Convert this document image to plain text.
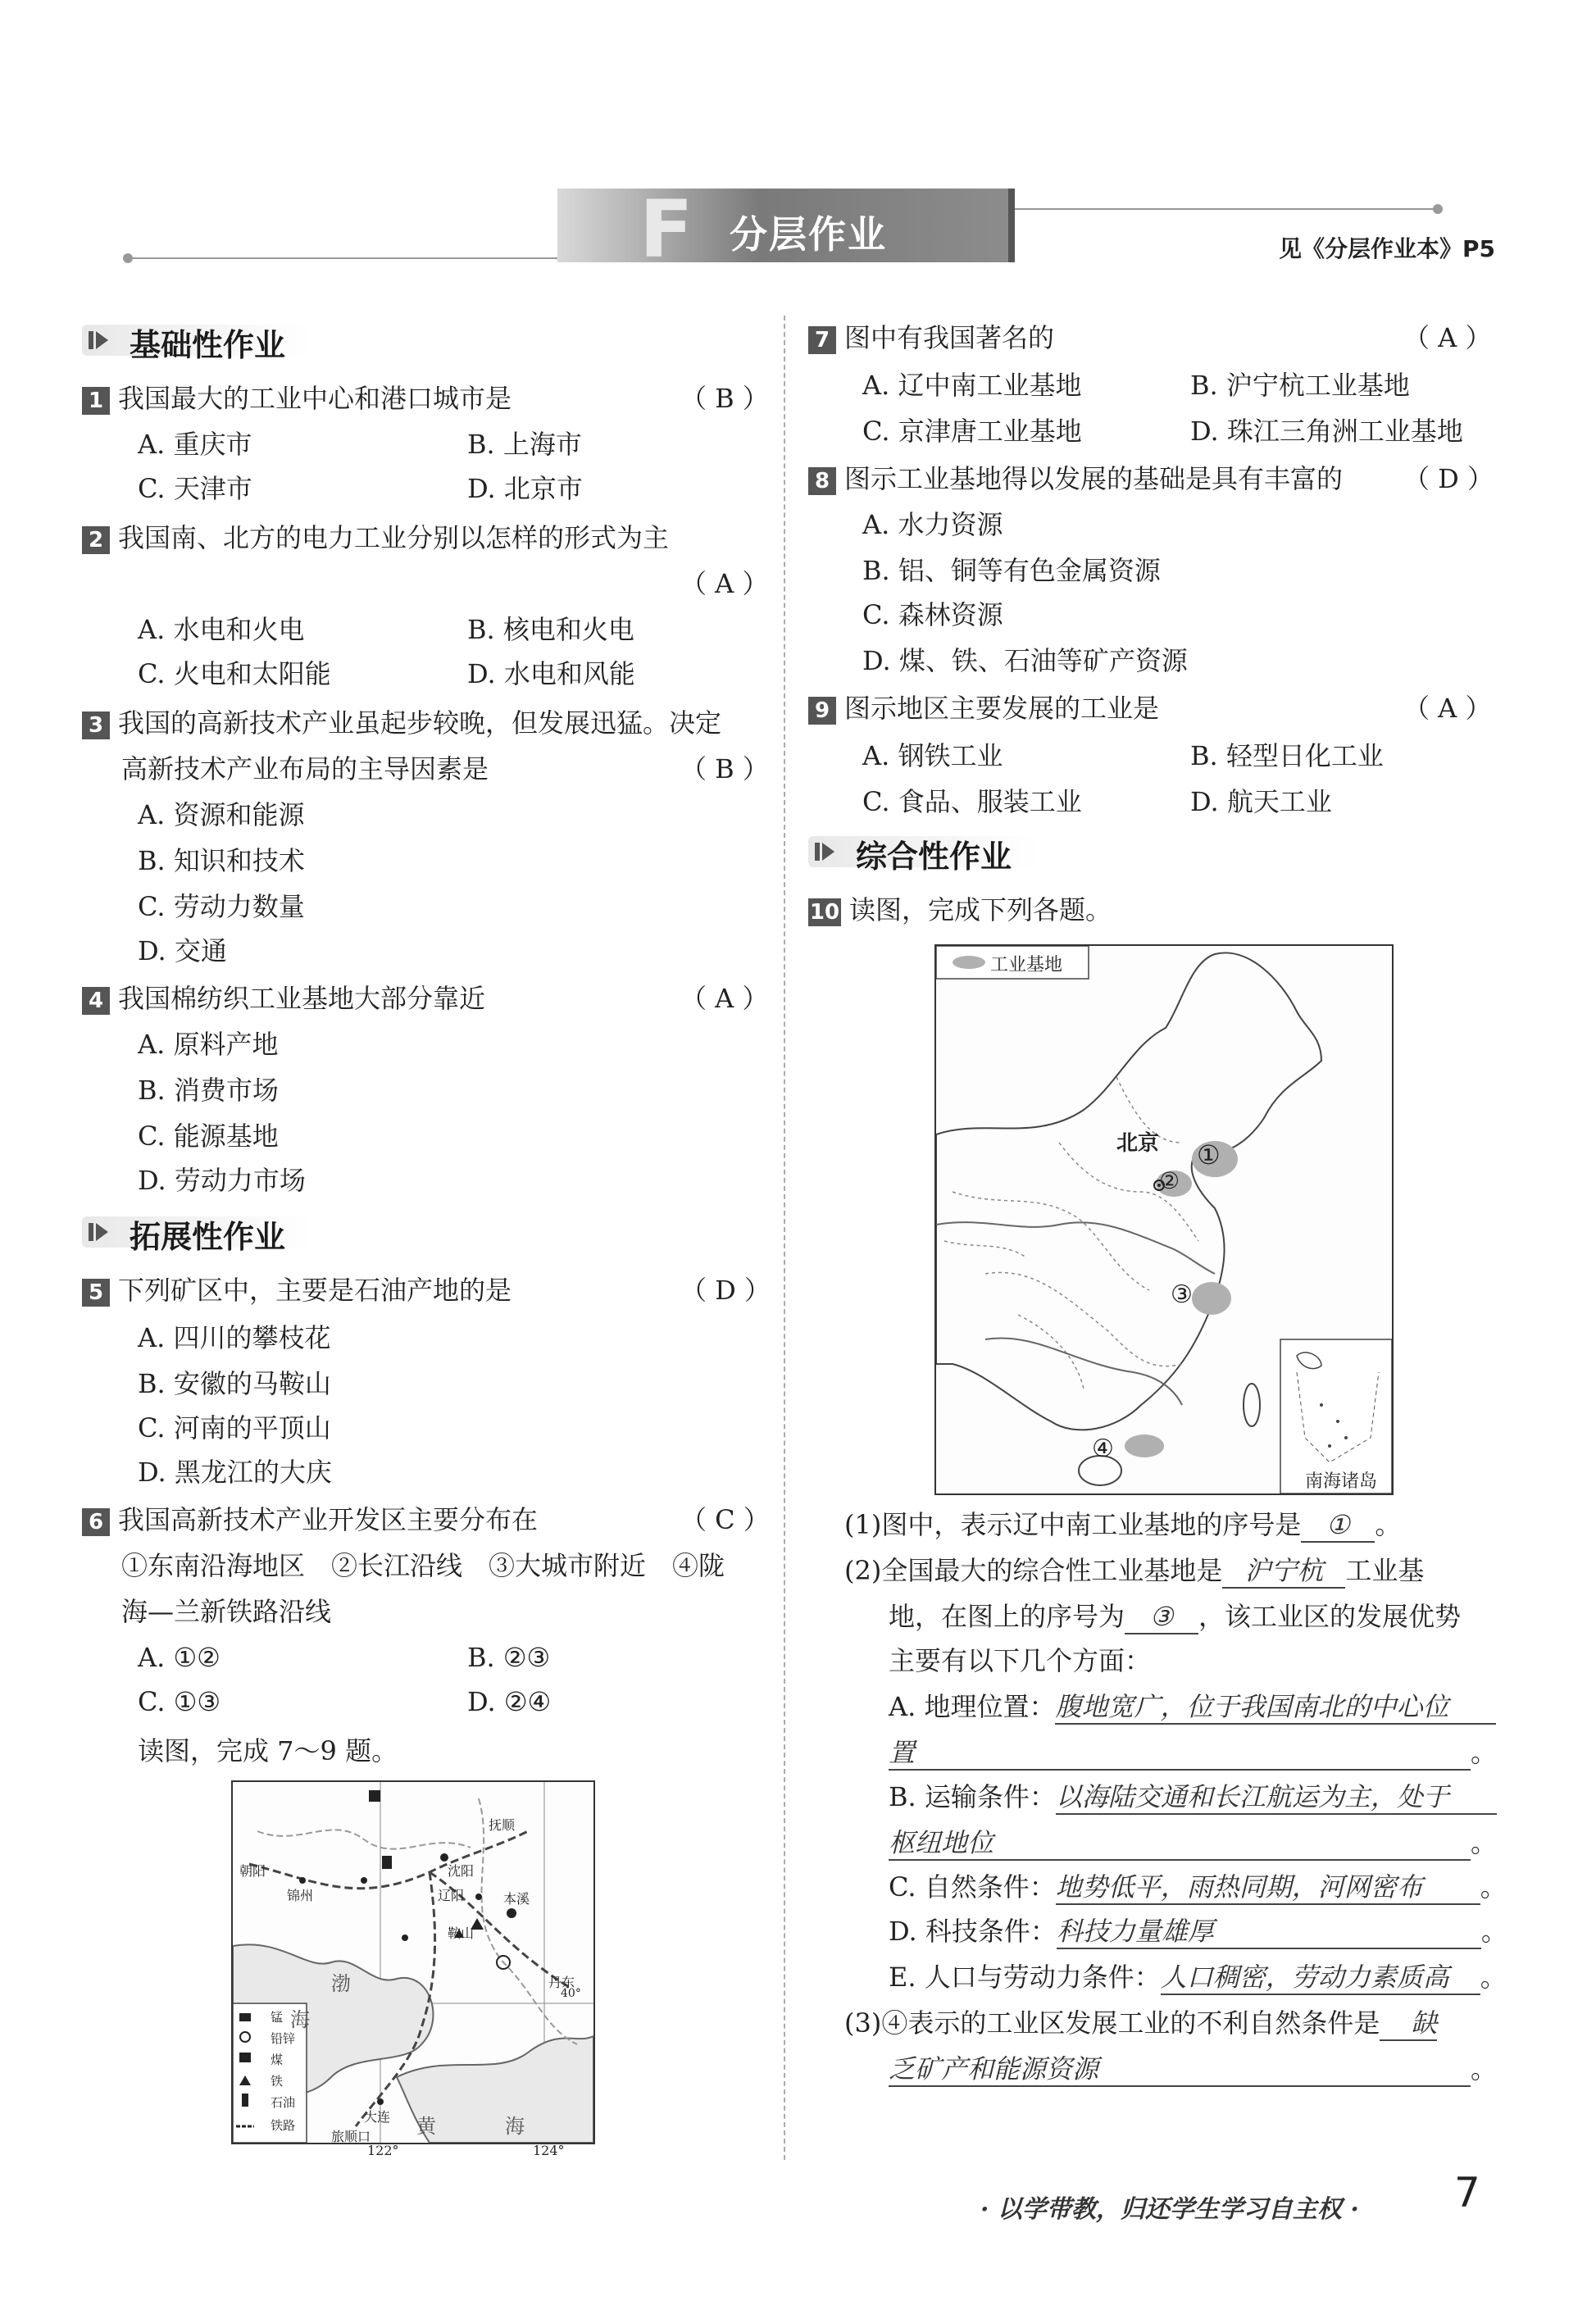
F 分层作业	见《分层作业本》P5
基础性作业
1 我国最大的工业中心和港口城市是	（ B ）
A. 重庆市	B. 上海市
C. 天津市	D. 北京市
2 我国南、北方的电力工业分别以怎样的形式为主
（ A ）
A. 水电和火电	B. 核电和火电
C. 火电和太阳能	D. 水电和风能
3 我国的高新技术产业虽起步较晚，但发展迅猛。决定
高新技术产业布局的主导因素是	（ B ）
A. 资源和能源
B. 知识和技术
C. 劳动力数量
D. 交通
4 我国棉纺织工业基地大部分靠近	（ A ）
A. 原料产地
B. 消费市场
C. 能源基地
D. 劳动力市场
拓展性作业
5 下列矿区中，主要是石油产地的是	（ D ）
A. 四川的攀枝花
B. 安徽的马鞍山
C. 河南的平顶山
D. 黑龙江的大庆
6 我国高新技术产业开发区主要分布在	（ C ）
①东南沿海地区　②长江沿线　③大城市附近　④陇
海—兰新铁路沿线
A. ①②	B. ②③
C. ①③	D. ②④
读图，完成 7～9 题。
朝阳
锦州
沈阳
抚顺
本溪
辽阳
鞍山
丹东
大连
旅顺口
渤
海
黄	海
40°
锰
铅锌
煤
铁
石油
铁路
122°	124°
7 图中有我国著名的	（ A ）
A. 辽中南工业基地	B. 沪宁杭工业基地
C. 京津唐工业基地	D. 珠江三角洲工业基地
8 图示工业基地得以发展的基础是具有丰富的 （ D ）
A. 水力资源
B. 铝、铜等有色金属资源
C. 森林资源
D. 煤、铁、石油等矿产资源
9 图示地区主要发展的工业是	（ A ）
A. 钢铁工业	B. 轻型日化工业
C. 食品、服装工业	D. 航天工业
综合性作业
10 读图，完成下列各题。
工业基地
北京 ①
②
③
④
南海诸岛
(1)图中，表示辽中南工业基地的序号是 ① 。
(2)全国最大的综合性工业基地是 沪宁杭 工业基
地，在图上的序号为 ③ ，该工业区的发展优势
主要有以下几个方面：
A. 地理位置：腹地宽广，位于我国南北的中心位
置	。
B. 运输条件：以海陆交通和长江航运为主，处于
枢纽地位	。
C. 自然条件：地势低平，雨热同期，河网密布 。
D. 科技条件：科技力量雄厚	。
E. 人口与劳动力条件：人口稠密，劳动力素质高 。
(3)④表示的工业区发展工业的不利自然条件是 缺
乏矿产和能源资源	。
· 以学带教，归还学生学习自主权 · 7
